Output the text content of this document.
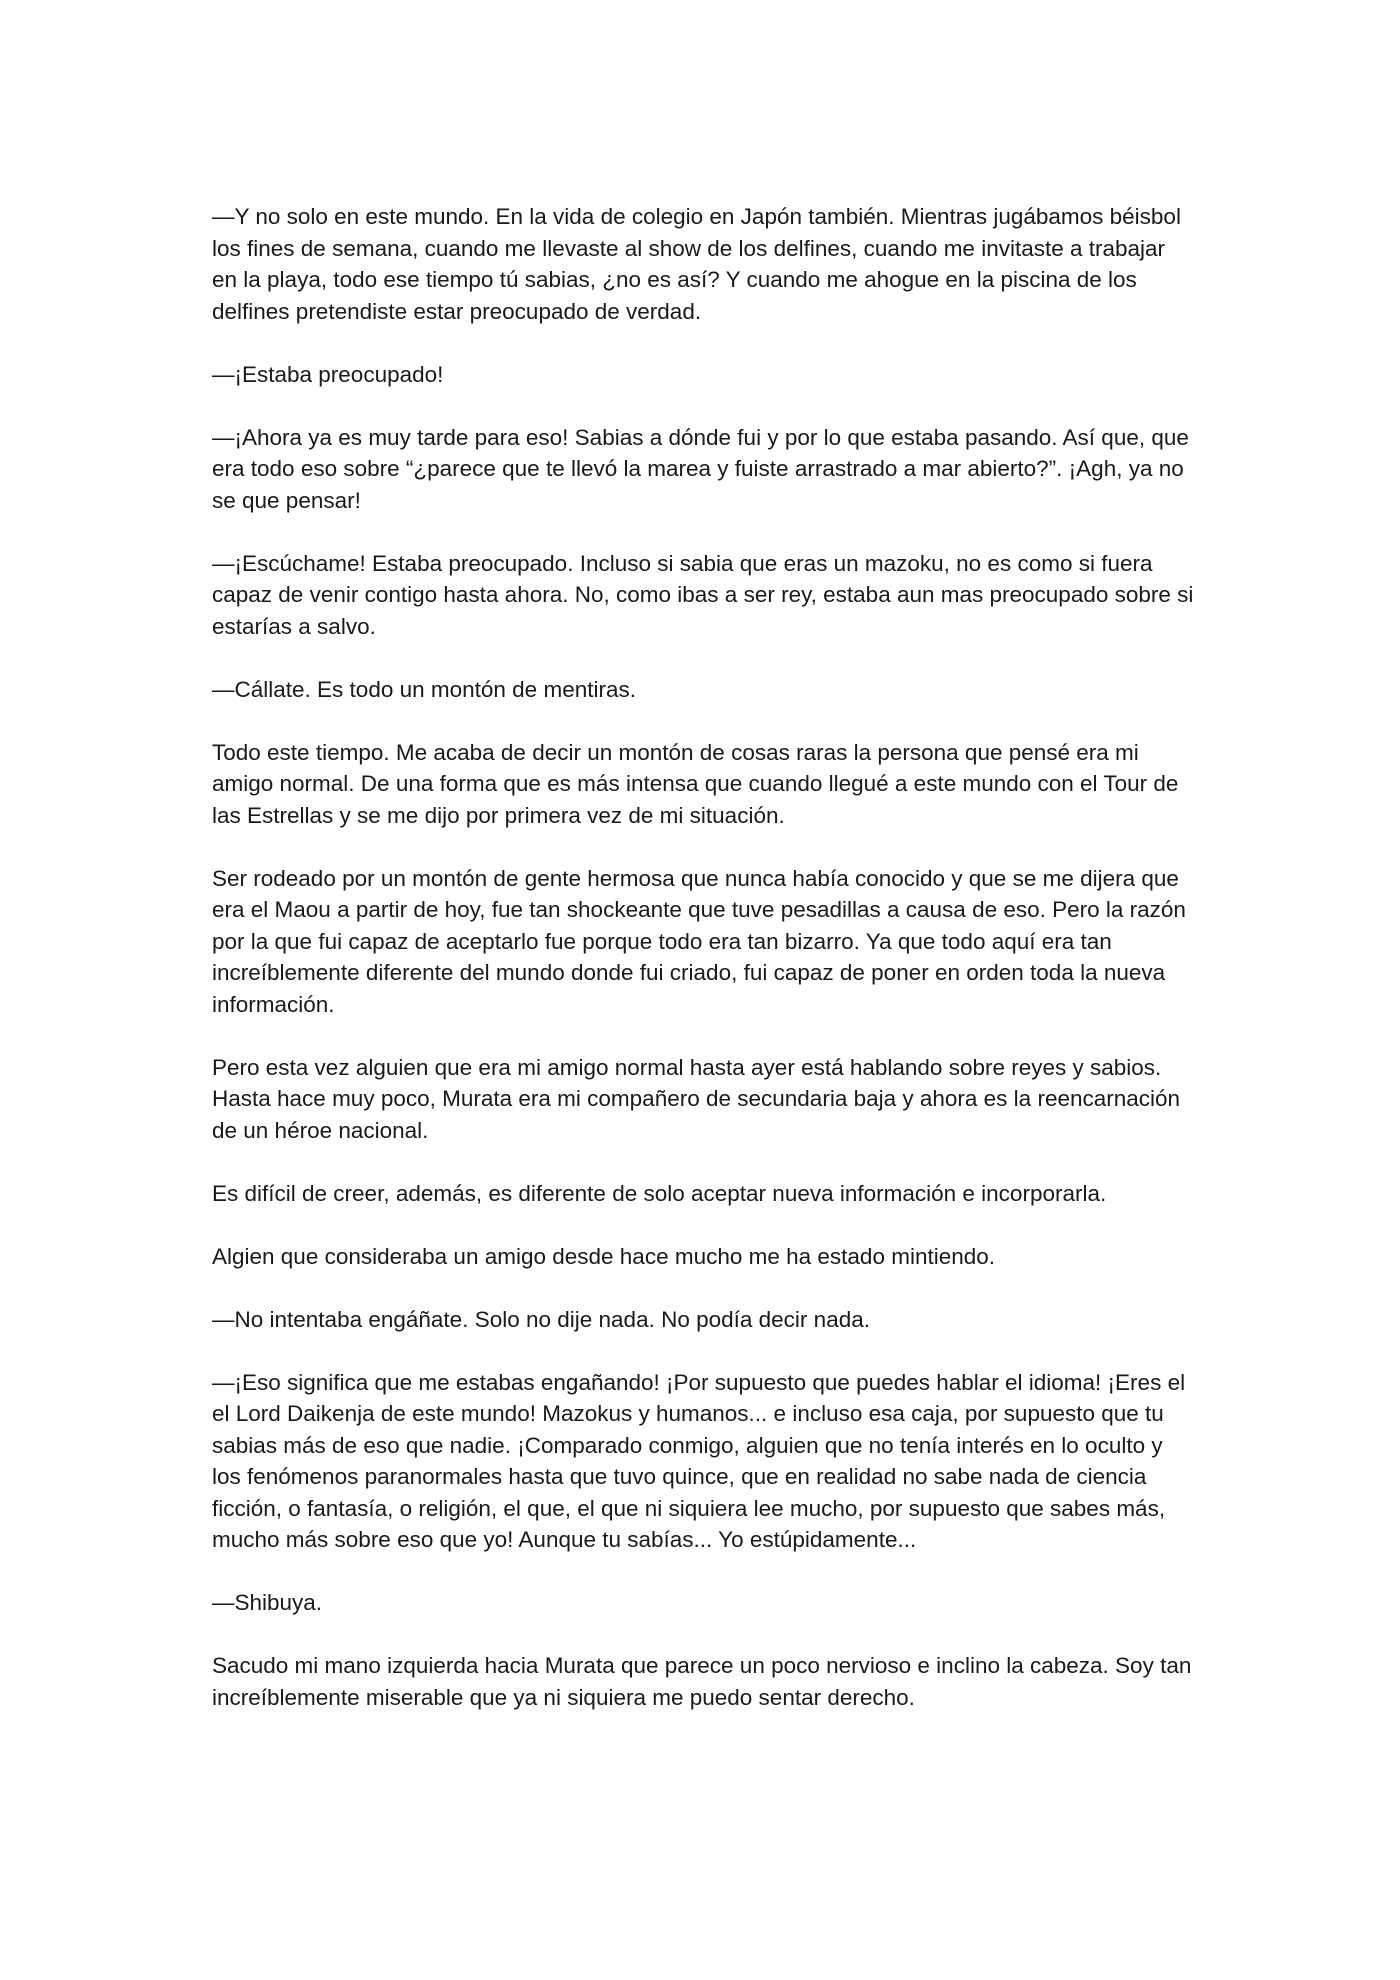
—Y no solo en este mundo. En la vida de colegio en Japón también. Mientras jugábamos béisbol los fines de semana, cuando me llevaste al show de los delfines, cuando me invitaste a trabajar en la playa, todo ese tiempo tú sabias, ¿no es así? Y cuando me ahogue en la piscina de los delfines pretendiste estar preocupado de verdad.

—¡Estaba preocupado!

—¡Ahora ya es muy tarde para eso! Sabias a dónde fui y por lo que estaba pasando. Así que, que era todo eso sobre “¿parece que te llevó la marea y fuiste arrastrado a mar abierto?”. ¡Agh, ya no se que pensar!

—¡Escúchame! Estaba preocupado. Incluso si sabia que eras un mazoku, no es como si fuera capaz de venir contigo hasta ahora. No, como ibas a ser rey, estaba aun mas preocupado sobre si estarías a salvo.

—Cállate. Es todo un montón de mentiras.

Todo este tiempo. Me acaba de decir un montón de cosas raras la persona que pensé era mi amigo normal. De una forma que es más intensa que cuando llegué a este mundo con el Tour de las Estrellas y se me dijo por primera vez de mi situación.

Ser rodeado por un montón de gente hermosa que nunca había conocido y que se me dijera que era el Maou a partir de hoy, fue tan shockeante que tuve pesadillas a causa de eso. Pero la razón por la que fui capaz de aceptarlo fue porque todo era tan bizarro. Ya que todo aquí era tan increíblemente diferente del mundo donde fui criado, fui capaz de poner en orden toda la nueva información.

Pero esta vez alguien que era mi amigo normal hasta ayer está hablando sobre reyes y sabios. Hasta hace muy poco, Murata era mi compañero de secundaria baja y ahora es la reencarnación de un héroe nacional.

Es difícil de creer, además, es diferente de solo aceptar nueva información e incorporarla.

Algien que consideraba un amigo desde hace mucho me ha estado mintiendo.

—No intentaba engáñate. Solo no dije nada. No podía decir nada.

—¡Eso significa que me estabas engañando! ¡Por supuesto que puedes hablar el idioma! ¡Eres el el Lord Daikenja de este mundo! Mazokus y humanos... e incluso esa caja, por supuesto que tu sabias más de eso que nadie. ¡Comparado conmigo, alguien que no tenía interés en lo oculto y los fenómenos paranormales hasta que tuvo quince, que en realidad no sabe nada de ciencia ficción, o fantasía, o religión, el que, el que ni siquiera lee mucho, por supuesto que sabes más, mucho más sobre eso que yo! Aunque tu sabías... Yo estúpidamente...

—Shibuya.

Sacudo mi mano izquierda hacia Murata que parece un poco nervioso e inclino la cabeza. Soy tan increíblemente miserable que ya ni siquiera me puedo sentar derecho.
